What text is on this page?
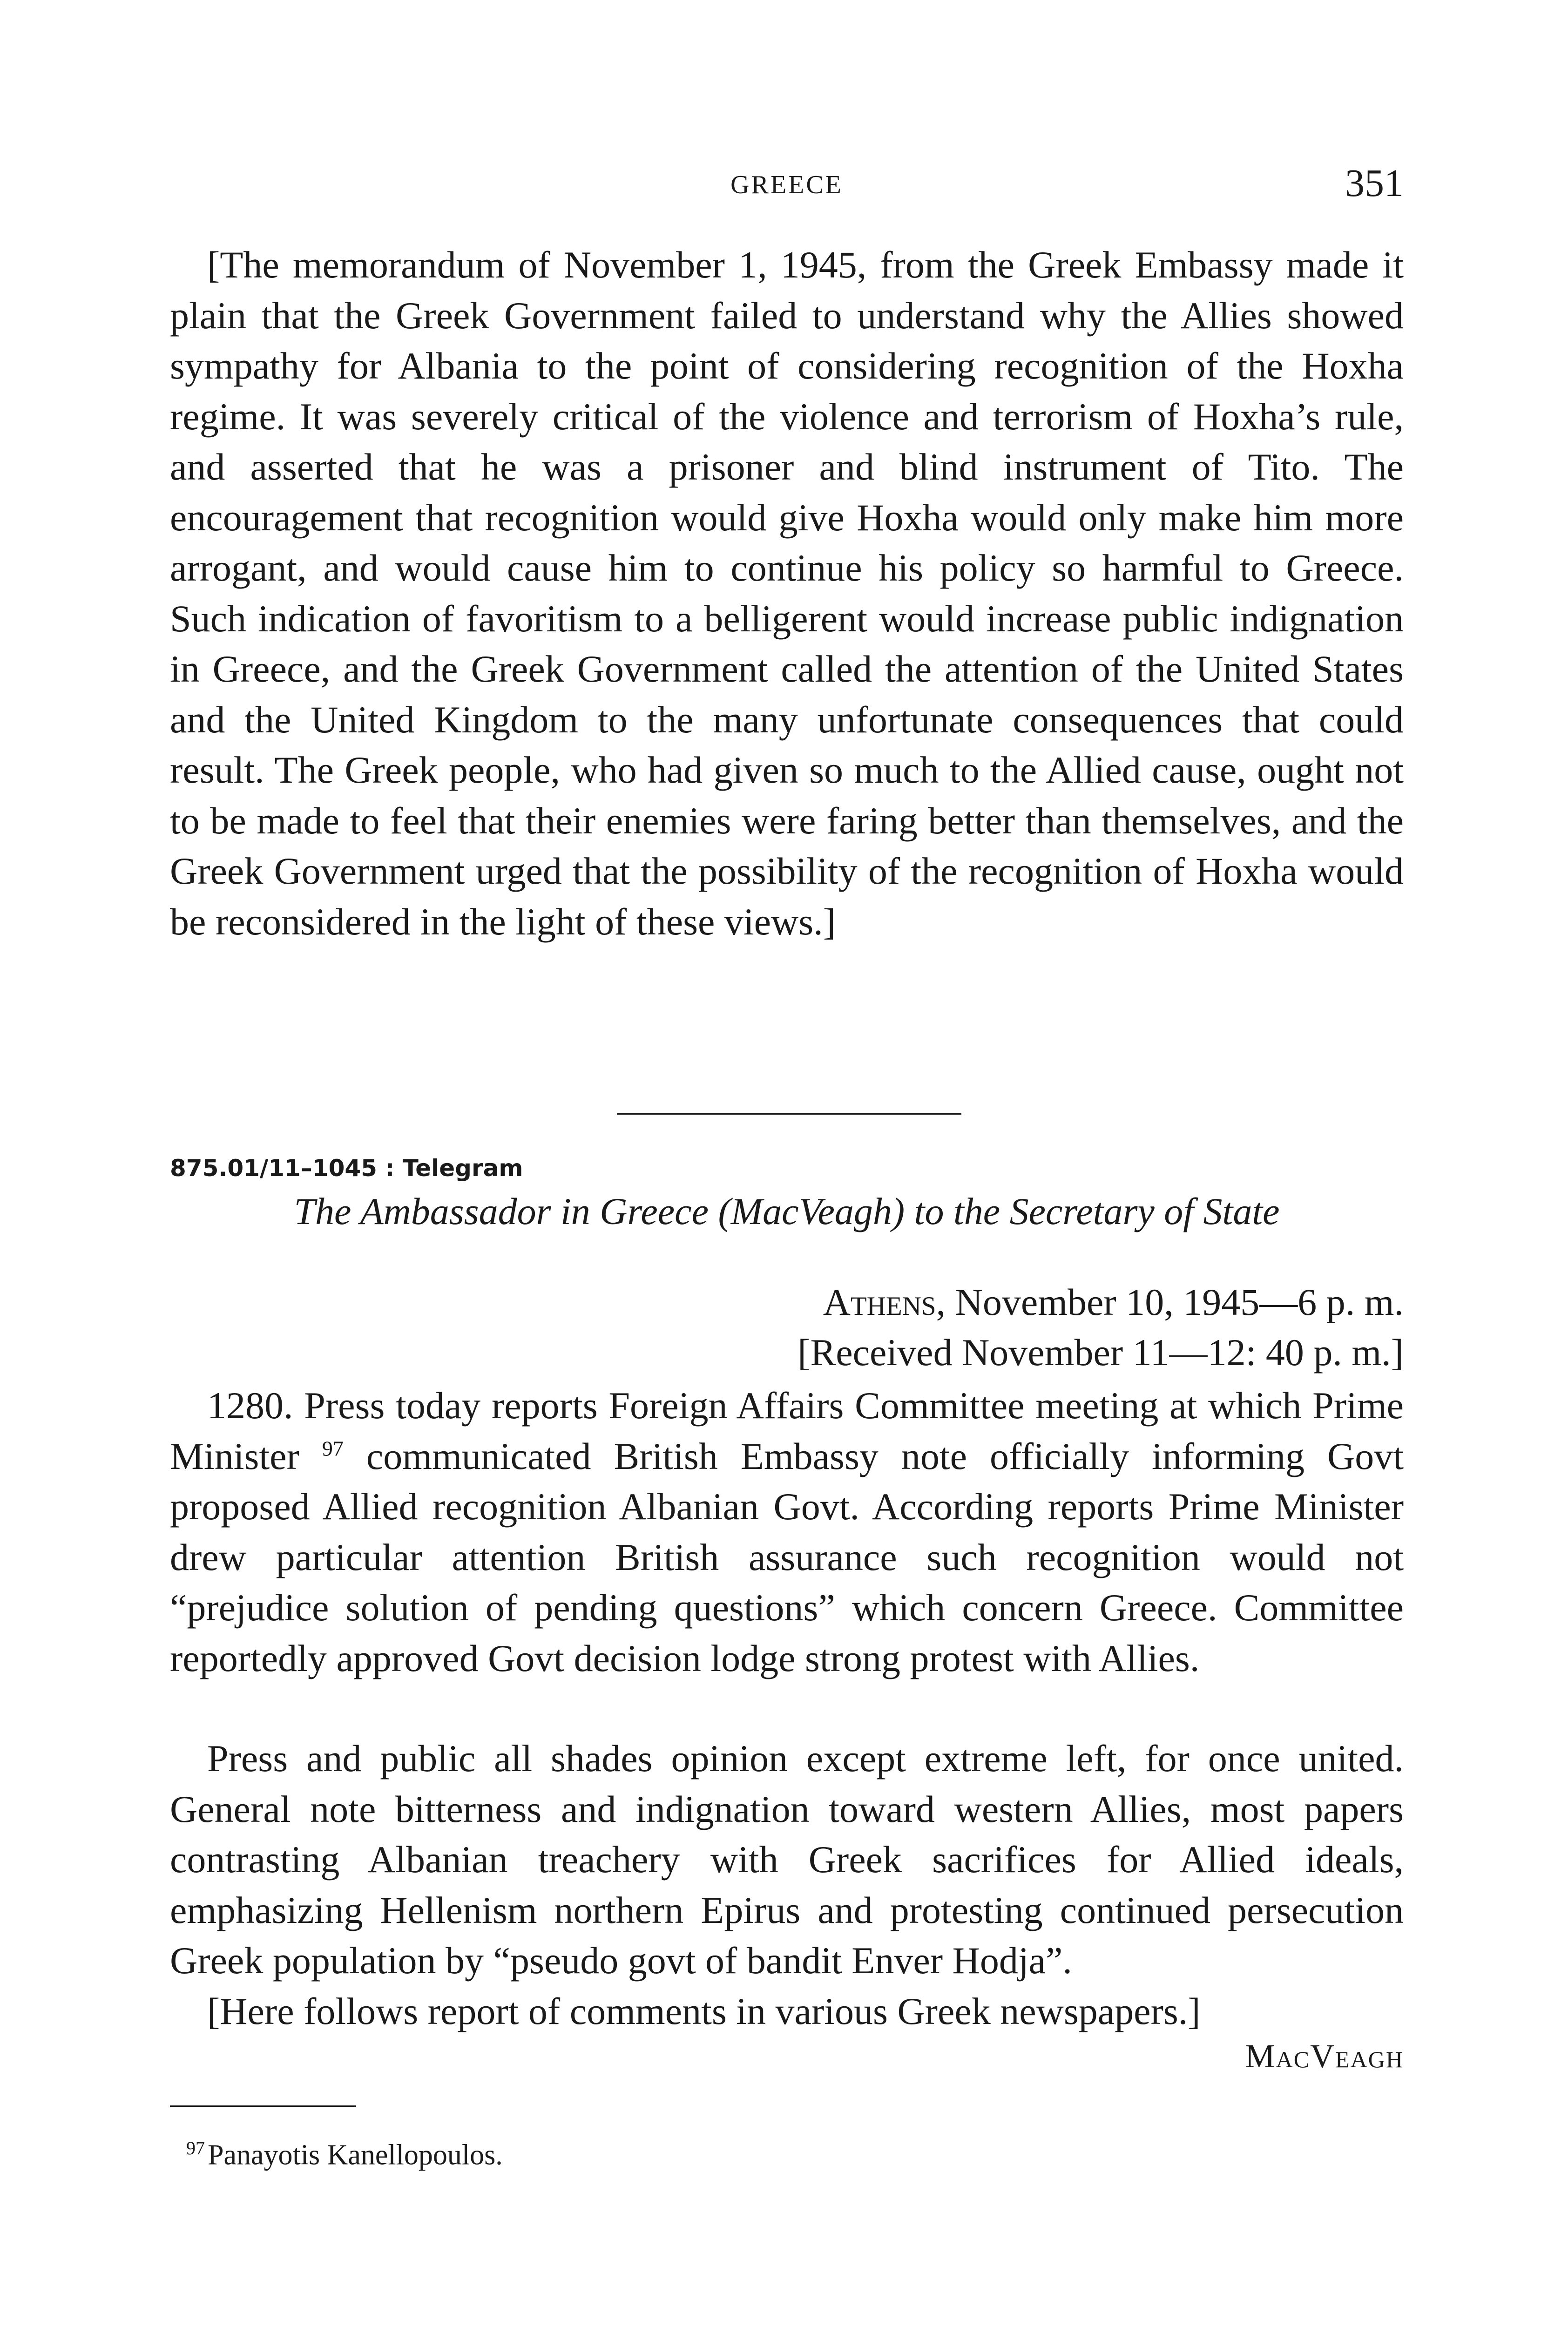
GREECE	351

[The memorandum of November 1, 1945, from the Greek Embassy made it plain that the Greek Government failed to understand why the Allies showed sympathy for Albania to the point of considering recognition of the Hoxha regime. It was severely critical of the violence and terrorism of Hoxha’s rule, and asserted that he was a prisoner and blind instrument of Tito. The encouragement that recognition would give Hoxha would only make him more arrogant, and would cause him to continue his policy so harmful to Greece. Such indication of favoritism to a belligerent would increase public indignation in Greece, and the Greek Government called the attention of the United States and the United Kingdom to the many unfortunate consequences that could result. The Greek people, who had given so much to the Allied cause, ought not to be made to feel that their enemies were faring better than themselves, and the Greek Government urged that the possibility of the recognition of Hoxha would be reconsidered in the light of these views.]

875.01/11–1045 : Telegram

The Ambassador in Greece (MacVeagh) to the Secretary of State

Athens, November 10, 1945—6 p. m.

[Received November 11—12: 40 p. m.]

1280. Press today reports Foreign Affairs Committee meeting at which Prime Minister $^{97}$ communicated British Embassy note officially informing Govt proposed Allied recognition Albanian Govt. According reports Prime Minister drew particular attention British assurance such recognition would not “prejudice solution of pending questions” which concern Greece. Committee reportedly approved Govt decision lodge strong protest with Allies.

Press and public all shades opinion except extreme left, for once united. General note bitterness and indignation toward western Allies, most papers contrasting Albanian treachery with Greek sacrifices for Allied ideals, emphasizing Hellenism northern Epirus and protesting continued persecution Greek population by “pseudo govt of bandit Enver Hodja”.

[Here follows report of comments in various Greek newspapers.]

MacVeagh

$^{97}$Panayotis Kanellopoulos.
